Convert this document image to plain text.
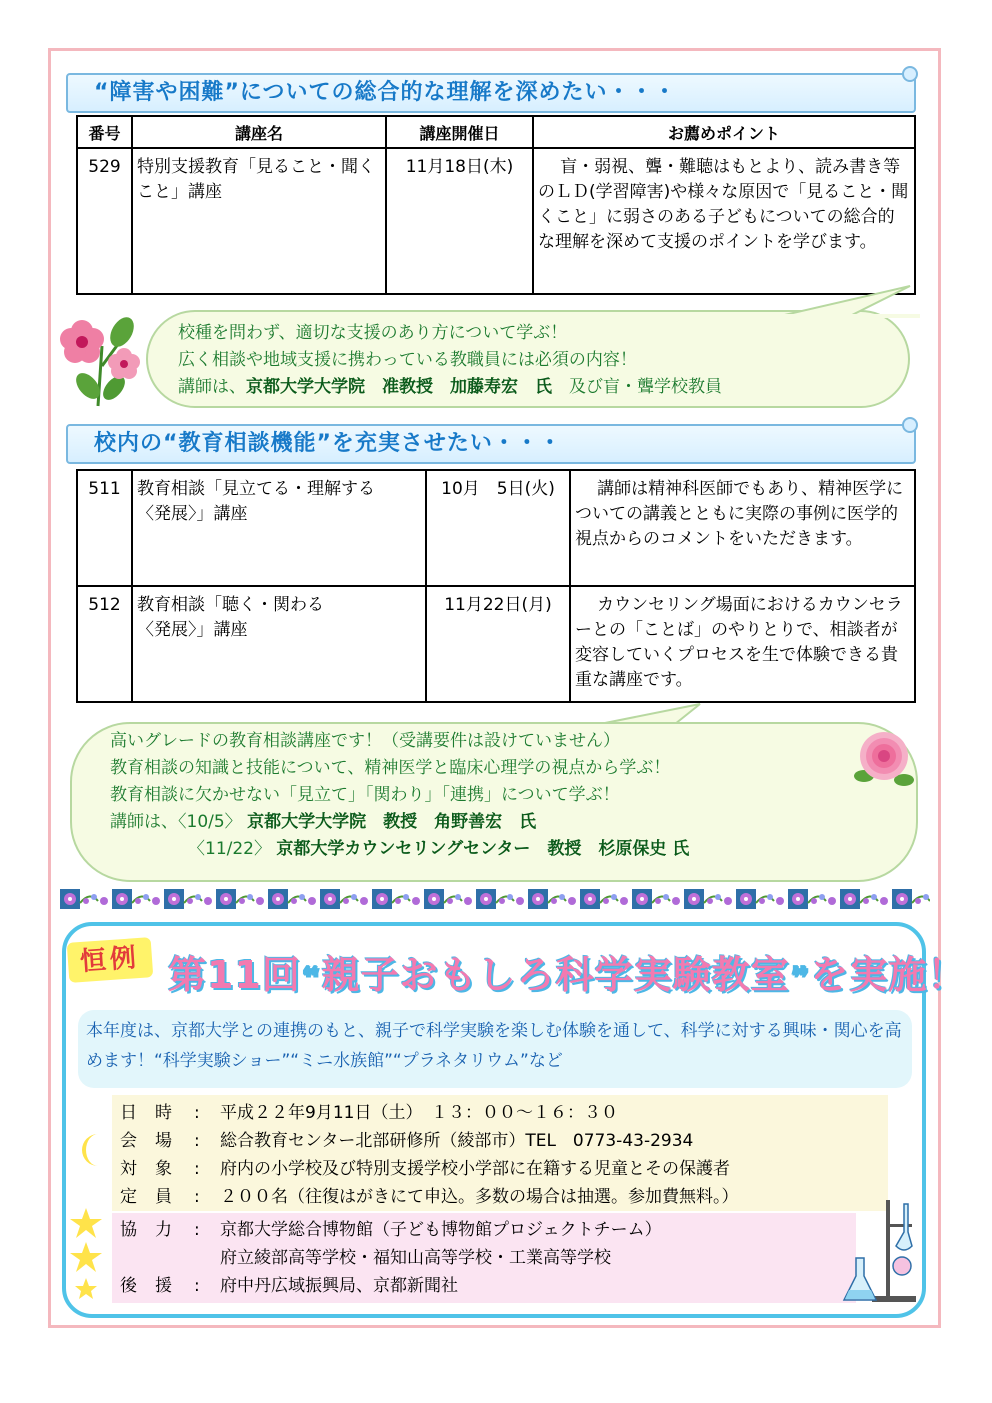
“障害や困難”についての総合的な理解を深めたい・・・
番号	講座名	講座開催日	お薦めポイント
529	特別支援教育「見ること・聞くこと」講座	11月18日(木)	盲・弱視、聾・難聴はもとより、読み書き等のＬＤ(学習障害)や様々な原因で「見ること・聞くこと」に弱さのある子どもについての総合的な理解を深めて支援のポイントを学びます。
校種を問わず、適切な支援のあり方について学ぶ！
広く相談や地域支援に携わっている教職員には必須の内容！
講師は、京都大学大学院　准教授　加藤寿宏　氏　及び盲・聾学校教員
校内の“教育相談機能”を充実させたい・・・
511	教育相談「見立てる・理解する
〈発展〉」講座	10月　5日(火)	講師は精神科医師でもあり、精神医学についての講義とともに実際の事例に医学的視点からのコメントをいただきます。
512	教育相談「聴く・関わる
〈発展〉」講座	11月22日(月)	カウンセリング場面におけるカウンセラーとの「ことば」のやりとりで、相談者が変容していくプロセスを生で体験できる貴重な講座です。
高いグレードの教育相談講座です！（受講要件は設けていません）
教育相談の知識と技能について、精神医学と臨床心理学の視点から学ぶ！
教育相談に欠かせない「見立て」「関わり」「連携」について学ぶ！
講師は、〈10/5〉 京都大学大学院　教授　角野善宏　氏
〈11/22〉 京都大学カウンセリングセンター　教授　杉原保史 氏
恒例 第11回“親子おもしろ科学実験教室”を実施！
本年度は、京都大学との連携のもと、親子で科学実験を楽しむ体験を通して、科学に対する興味・関心を高めます！“科学実験ショー”“ミニ水族館”“プラネタリウム”など
日時 : 平成２２年9月11日（土）　１３：００〜１６：３０
会場 : 総合教育センター北部研修所（綾部市）TEL　0773-43-2934
対象 : 府内の小学校及び特別支援学校小学部に在籍する児童とその保護者
定員 : ２００名（往復はがきにて申込。多数の場合は抽選。参加費無料。）
協力 : 京都大学総合博物館（子ども博物館プロジェクトチーム）
府立綾部高等学校・福知山高等学校・工業高等学校
後援 : 府中丹広域振興局、京都新聞社
